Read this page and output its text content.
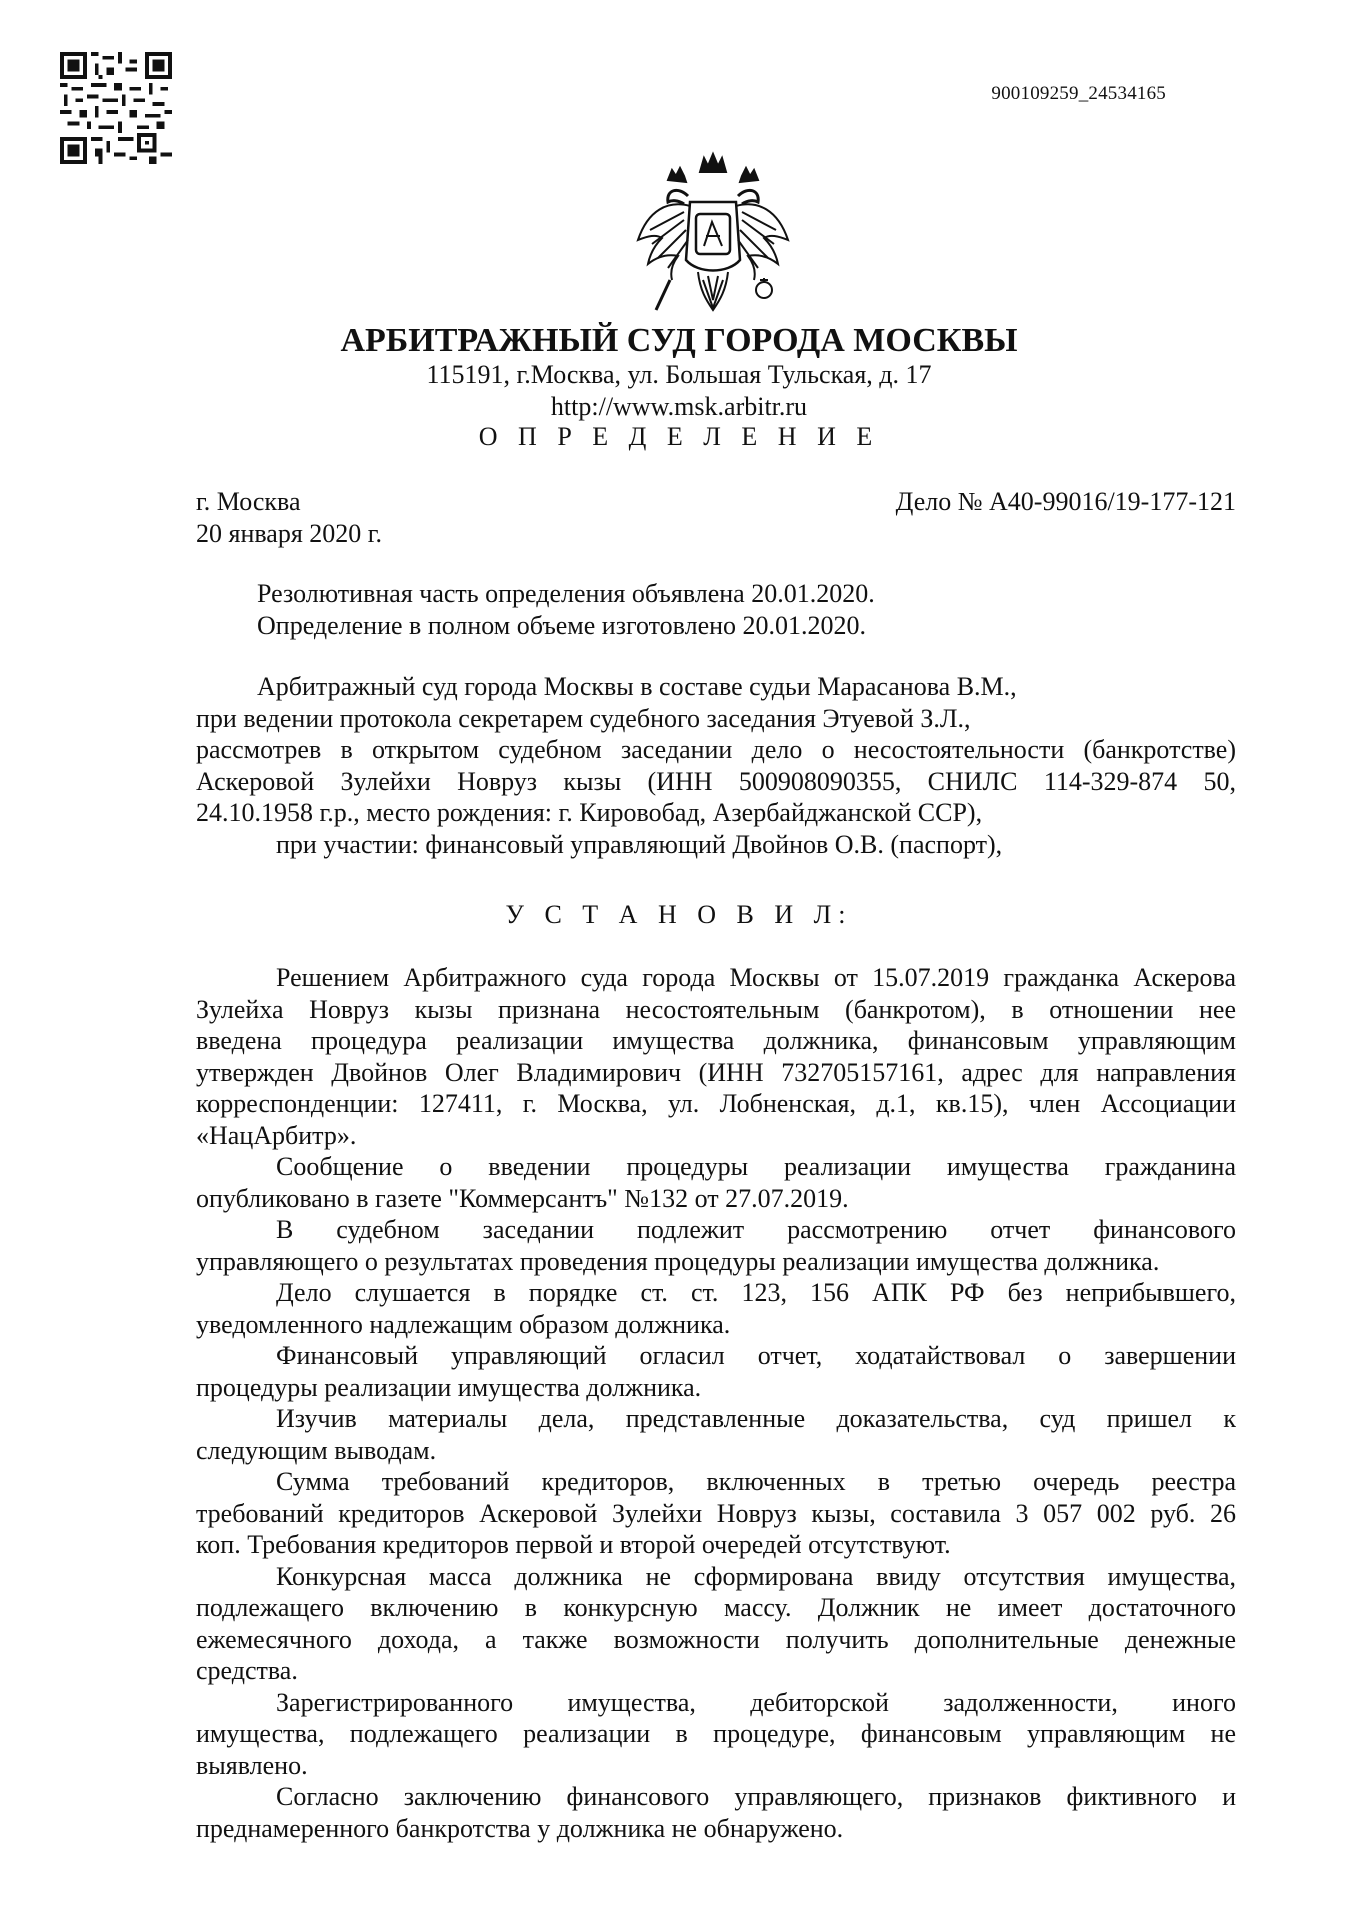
900109259_24534165
АРБИТРАЖНЫЙ СУД ГОРОДА МОСКВЫ
115191, г.Москва, ул. Большая Тульская, д. 17
http://www.msk.arbitr.ru
О П Р Е Д Е Л Е Н И Е
г. Москва
20 января 2020 г.
Дело № А40-99016/19-177-121
Резолютивная часть определения объявлена 20.01.2020.
Определение в полном объеме изготовлено 20.01.2020.
Арбитражный суд города Москвы в составе судьи Марасанова В.М.,
при ведении протокола секретарем судебного заседания Этуевой З.Л.,
рассмотрев в открытом судебном заседании дело о несостоятельности (банкротстве)
Аскеровой Зулейхи Новруз кызы (ИНН 500908090355, СНИЛС 114-329-874 50,
24.10.1958 г.р., место рождения: г. Кировобад, Азербайджанской ССР),
при участии: финансовый управляющий Двойнов О.В. (паспорт),
У С Т А Н О В И Л:
Решением Арбитражного суда города Москвы от 15.07.2019 гражданка Аскерова
Зулейха Новруз кызы признана несостоятельным (банкротом), в отношении нее
введена процедура реализации имущества должника, финансовым управляющим
утвержден Двойнов Олег Владимирович (ИНН 732705157161, адрес для направления
корреспонденции: 127411, г. Москва, ул. Лобненская, д.1, кв.15), член Ассоциации
«НацАрбитр».
Сообщение о введении процедуры реализации имущества гражданина
опубликовано в газете "Коммерсантъ" №132 от 27.07.2019.
В судебном заседании подлежит рассмотрению отчет финансового
управляющего о результатах проведения процедуры реализации имущества должника.
Дело слушается в порядке ст. ст. 123, 156 АПК РФ без неприбывшего,
уведомленного надлежащим образом должника.
Финансовый управляющий огласил отчет, ходатайствовал о завершении
процедуры реализации имущества должника.
Изучив материалы дела, представленные доказательства, суд пришел к
следующим выводам.
Сумма требований кредиторов, включенных в третью очередь реестра
требований кредиторов Аскеровой Зулейхи Новруз кызы, составила 3 057 002 руб. 26
коп. Требования кредиторов первой и второй очередей отсутствуют.
Конкурсная масса должника не сформирована ввиду отсутствия имущества,
подлежащего включению в конкурсную массу. Должник не имеет достаточного
ежемесячного дохода, а также возможности получить дополнительные денежные
средства.
Зарегистрированного имущества, дебиторской задолженности, иного
имущества, подлежащего реализации в процедуре, финансовым управляющим не
выявлено.
Согласно заключению финансового управляющего, признаков фиктивного и
преднамеренного банкротства у должника не обнаружено.
